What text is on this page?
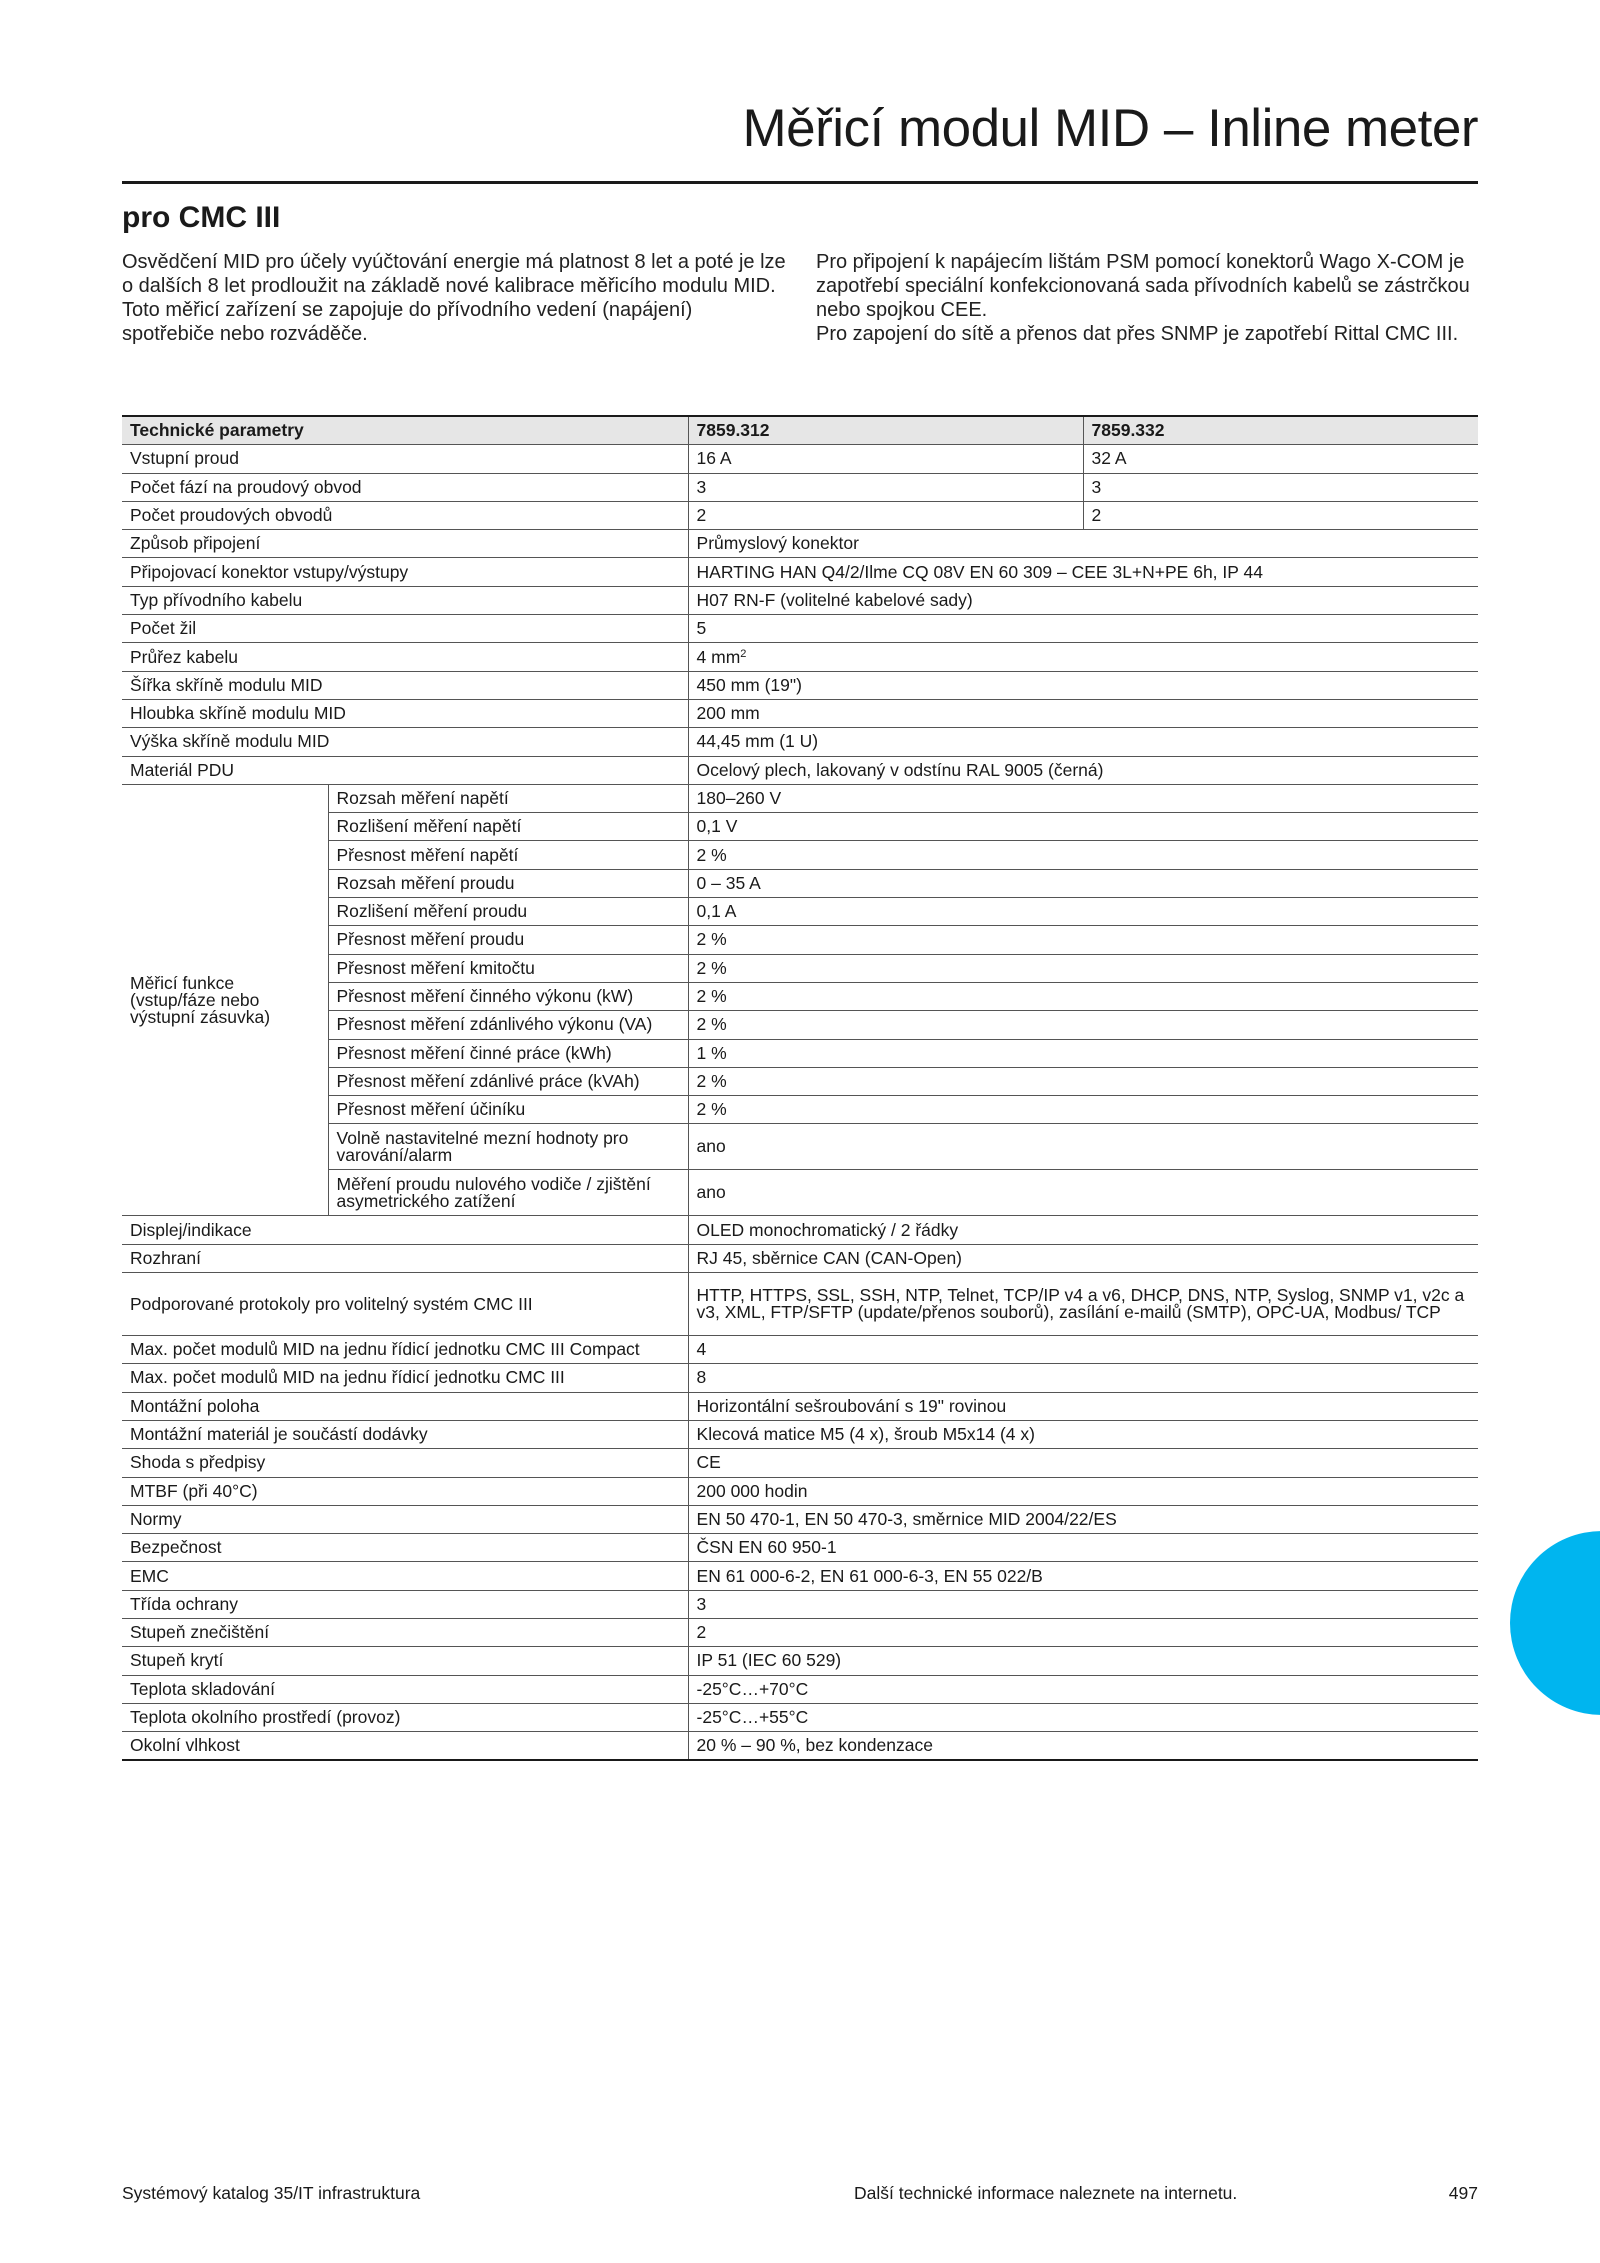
Měřicí modul MID – Inline meter
pro CMC III

Osvědčení MID pro účely vyúčtování energie má platnost 8 let a poté je lze o dalších 8 let prodloužit na základě nové kalibrace měřicího modulu MID. Toto měřicí zařízení se zapojuje do přívodního vedení (napájení) spotřebiče nebo rozváděče.

Pro připojení k napájecím lištám PSM pomocí konektorů Wago X-COM je zapotřebí speciální konfekcionovaná sada přívodních kabelů se zástrčkou nebo spojkou CEE.

Pro zapojení do sítě a přenos dat přes SNMP je zapotřebí Rittal CMC III.

Technické parametry		7859.312	7859.332
Vstupní proud		16 A	32 A
Počet fází na proudový obvod		3	3
Počet proudových obvodů		2	2
Způsob připojení		Průmyslový konektor	
Připojovací konektor vstupy/výstupy		HARTING HAN Q4/2/Ilme CQ 08V EN 60 309 – CEE 3L+N+PE 6h, IP 44	
Typ přívodního kabelu		H07 RN-F (volitelné kabelové sady)	
Počet žil		5	
Průřez kabelu		4 $mm^2$
Šířka skříně modulu MID		450 mm (19")	
Hloubka skříně modulu MID		200 mm	
Výška skříně modulu MID		44,45 mm (1 U)	
Materiál PDU		Ocelový plech, lakovaný v odstínu RAL 9005 (černá)	
Měřicí funkce (vstup/fáze nebo výstupní zásuvka)	Rozsah měření napětí	180–260 V	
	Rozlišení měření napětí	0,1 V	
	Přesnost měření napětí	2 %	
	Rozsah měření proudu	0 – 35 A	
	Rozlišení měření proudu	0,1 A	
	Přesnost měření proudu	2 %	
	Přesnost měření kmitočtu	2 %	
	Přesnost měření činného výkonu (kW)	2 %	
	Přesnost měření zdánlivého výkonu (VA)	2 %	
	Přesnost měření činné práce (kWh)	1 %	
	Přesnost měření zdánlivé práce (kVAh)	2 %	
	Přesnost měření účiníku	2 %	
	Volně nastavitelné mezní hodnoty pro varování/alarm	ano	
	Měření proudu nulového vodiče / zjištění asymetrického zatížení	ano	
Displej/indikace		OLED monochromatický / 2 řádky	
Rozhraní		RJ 45, sběrnice CAN (CAN-Open)	
Podporované protokoly pro volitelný systém CMC III		HTTP, HTTPS, SSL, SSH, NTP, Telnet, TCP/IP v4 a v6, DHCP, DNS, NTP, Syslog, SNMP v1, v2c a v3, XML, FTP/SFTP (update/přenos souborů), zasílání e-mailů (SMTP), OPC-UA, Modbus/ TCP	
Max. počet modulů MID na jednu řídicí jednotku CMC III Compact		4	
Max. počet modulů MID na jednu řídicí jednotku CMC III		8	
Montážní poloha		Horizontální sešroubování s 19" rovinou	
Montážní materiál je součástí dodávky		Klecová matice M5 (4 x), šroub M5x14 (4 x)	
Shoda s předpisy		CE	
MTBF (při 40°C)		200 000 hodin	
Normy		EN 50 470-1, EN 50 470-3, směrnice MID 2004/22/ES	
Bezpečnost		ČSN EN 60 950-1	
EMC		EN 61 000-6-2, EN 61 000-6-3, EN 55 022/B	
Třída ochrany		3	
Stupeň znečištění		2	
Stupeň krytí		IP 51 (IEC 60 529)	
Teplota skladování		-25°C…+70°C	
Teplota okolního prostředí (provoz)		-25°C…+55°C	
Okolní vlhkost		20 % – 90 %, bez kondenzace	
Systémový katalog 35/IT infrastruktura	Další technické informace naleznete na internetu.	497
